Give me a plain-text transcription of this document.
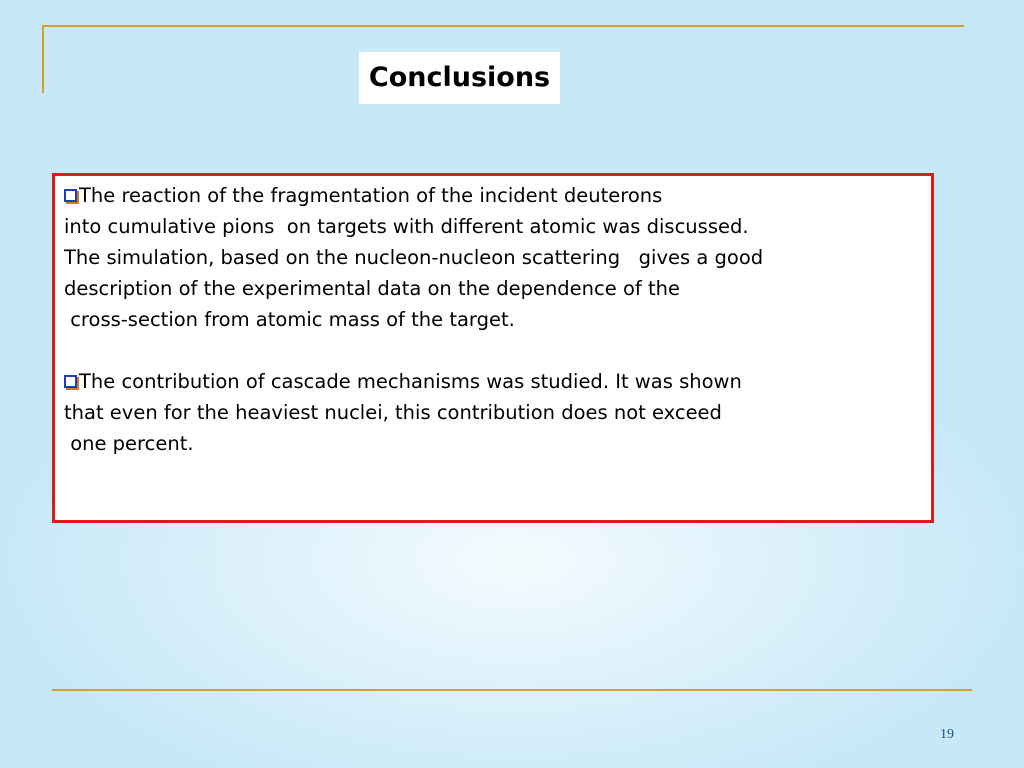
Conclusions

The reaction of the fragmentation of the incident deuterons
into cumulative pions  on targets with different atomic was discussed.
The simulation, based on the nucleon-nucleon scattering   gives a good
description of the experimental data on the dependence of the
cross-section from atomic mass of the target.

The contribution of cascade mechanisms was studied. It was shown
that even for the heaviest nuclei, this contribution does not exceed
one percent.

19
